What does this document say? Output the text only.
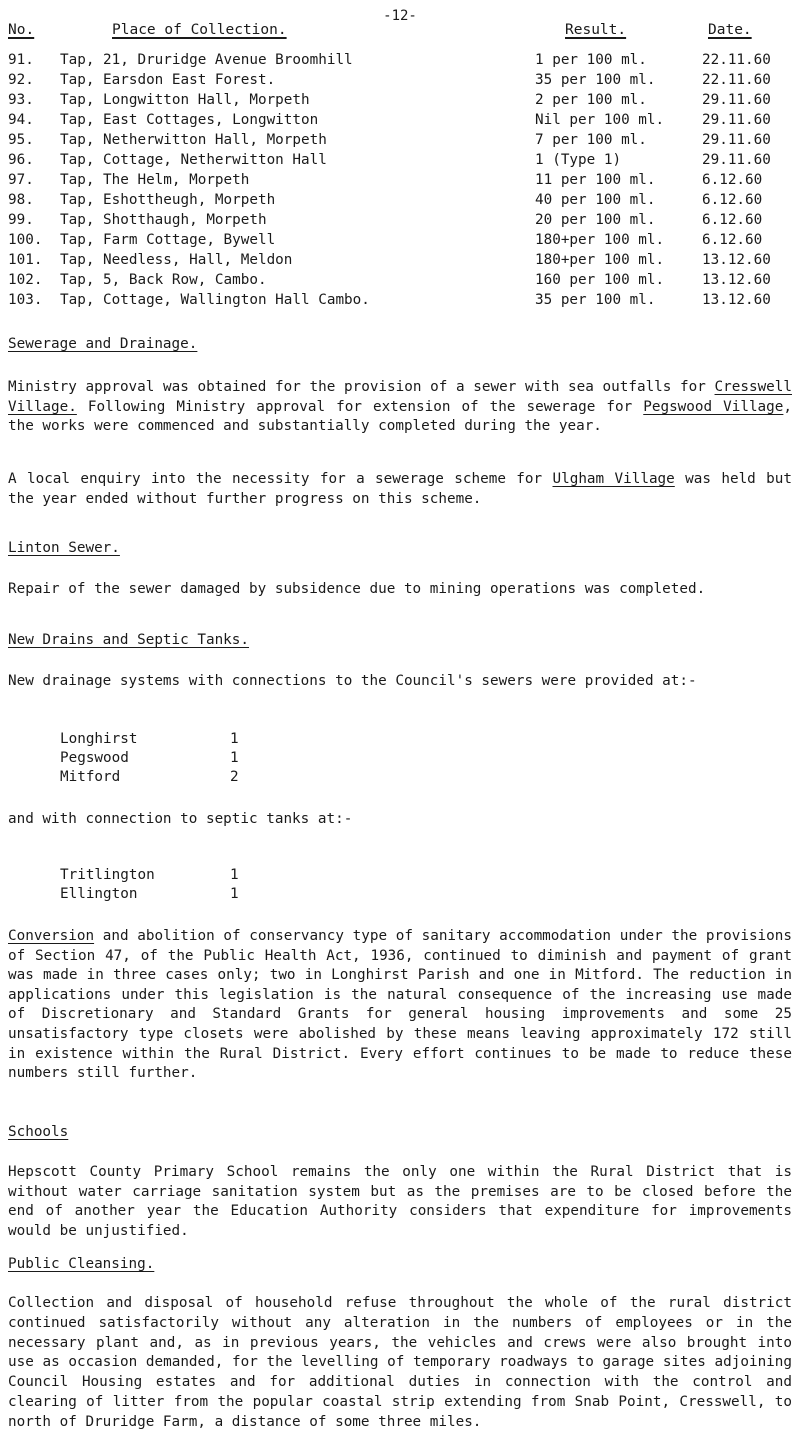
-12-
No.	Place of Collection.	Result.	Date.
91. Tap, 21, Druridge Avenue Broomhill	1 per 100 ml.	22.11.60
92. Tap, Earsdon East Forest.	35 per 100 ml.	22.11.60
93. Tap, Longwitton Hall, Morpeth	2 per 100 ml.	29.11.60
94. Tap, East Cottages, Longwitton	Nil per 100 ml.	29.11.60
95. Tap, Netherwitton Hall, Morpeth	7 per 100 ml.	29.11.60
96. Tap, Cottage, Netherwitton Hall	1 (Type 1)	29.11.60
97. Tap, The Helm, Morpeth	11 per 100 ml.	6.12.60
98. Tap, Eshottheugh, Morpeth	40 per 100 ml.	6.12.60
99. Tap, Shotthaugh, Morpeth	20 per 100 ml.	6.12.60
100. Tap, Farm Cottage, Bywell	180+per 100 ml.	6.12.60
101. Tap, Needless, Hall, Meldon	180+per 100 ml.	13.12.60
102. Tap, 5, Back Row, Cambo.	160 per 100 ml.	13.12.60
103. Tap, Cottage, Wallington Hall Cambo.	35 per 100 ml.	13.12.60
Sewerage and Drainage.
Ministry approval was obtained for the provision of a sewer with sea outfalls for Cresswell Village. Following Ministry approval for extension of the sewerage for Pegswood Village, the works were commenced and substantially completed during the year.
A local enquiry into the necessity for a sewerage scheme for Ulgham Village was held but the year ended without further progress on this scheme.
Linton Sewer.
Repair of the sewer damaged by subsidence due to mining operations was completed.
New Drains and Septic Tanks.
New drainage systems with connections to the Council's sewers were provided at:-
Longhirst	1
Pegswood	1
Mitford	2
and with connection to septic tanks at:-
Tritlington	1
Ellington	1
Conversion and abolition of conservancy type of sanitary accommodation under the provisions of Section 47, of the Public Health Act, 1936, continued to diminish and payment of grant was made in three cases only; two in Longhirst Parish and one in Mitford. The reduction in applications under this legislation is the natural consequence of the increasing use made of Discretionary and Standard Grants for general housing improvements and some 25 unsatisfactory type closets were abolished by these means leaving approximately 172 still in existence within the Rural District. Every effort continues to be made to reduce these numbers still further.
Schools
Hepscott County Primary School remains the only one within the Rural District that is without water carriage sanitation system but as the premises are to be closed before the end of another year the Education Authority considers that expenditure for improvements would be unjustified.
Public Cleansing.
Collection and disposal of household refuse throughout the whole of the rural district continued satisfactorily without any alteration in the numbers of employees or in the necessary plant and, as in previous years, the vehicles and crews were also brought into use as occasion demanded, for the levelling of temporary roadways to garage sites adjoining Council Housing estates and for additional duties in connection with the control and clearing of litter from the popular coastal strip extending from Snab Point, Cresswell, to north of Druridge Farm, a distance of some three miles.
